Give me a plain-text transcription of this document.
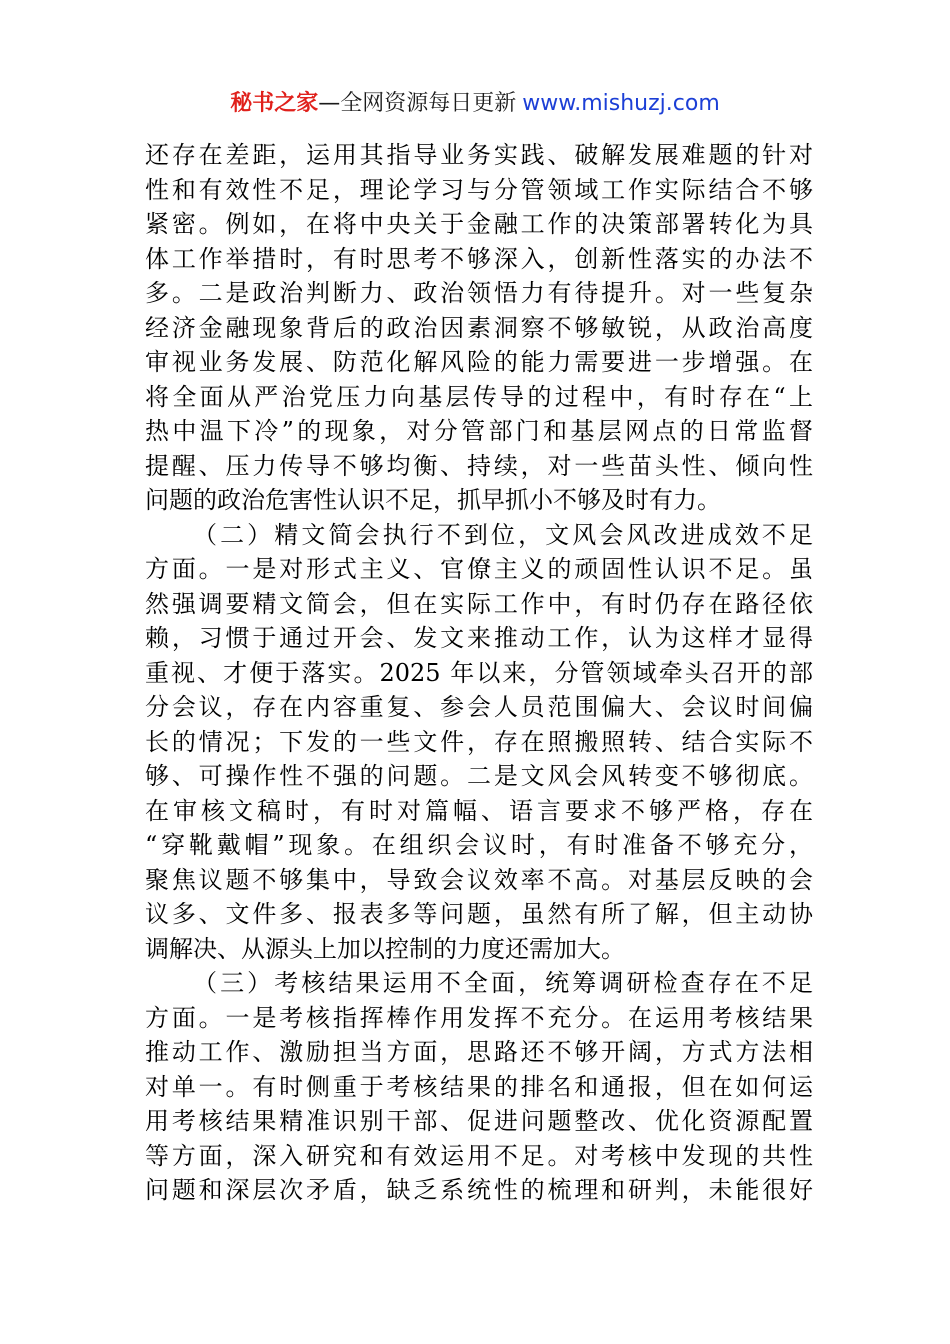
秘书之家—全网资源每日更新 www.mishuzj.com
还存在差距，运用其指导业务实践、破解发展难题的针对
性和有效性不足，理论学习与分管领域工作实际结合不够
紧密。例如，在将中央关于金融工作的决策部署转化为具
体工作举措时，有时思考不够深入，创新性落实的办法不
多。二是政治判断力、政治领悟力有待提升。对一些复杂
经济金融现象背后的政治因素洞察不够敏锐，从政治高度
审视业务发展、防范化解风险的能力需要进一步增强。在
将全面从严治党压力向基层传导的过程中，有时存在“上
热中温下冷”的现象，对分管部门和基层网点的日常监督
提醒、压力传导不够均衡、持续，对一些苗头性、倾向性
问题的政治危害性认识不足，抓早抓小不够及时有力。
（二）精文简会执行不到位，文风会风改进成效不足
方面。一是对形式主义、官僚主义的顽固性认识不足。虽
然强调要精文简会，但在实际工作中，有时仍存在路径依
赖，习惯于通过开会、发文来推动工作，认为这样才显得
重视、才便于落实。2025 年以来，分管领域牵头召开的部
分会议，存在内容重复、参会人员范围偏大、会议时间偏
长的情况；下发的一些文件，存在照搬照转、结合实际不
够、可操作性不强的问题。二是文风会风转变不够彻底。
在审核文稿时，有时对篇幅、语言要求不够严格，存在
“穿靴戴帽”现象。在组织会议时，有时准备不够充分，
聚焦议题不够集中，导致会议效率不高。对基层反映的会
议多、文件多、报表多等问题，虽然有所了解，但主动协
调解决、从源头上加以控制的力度还需加大。
（三）考核结果运用不全面，统筹调研检查存在不足
方面。一是考核指挥棒作用发挥不充分。在运用考核结果
推动工作、激励担当方面，思路还不够开阔，方式方法相
对单一。有时侧重于考核结果的排名和通报，但在如何运
用考核结果精准识别干部、促进问题整改、优化资源配置
等方面，深入研究和有效运用不足。对考核中发现的共性
问题和深层次矛盾，缺乏系统性的梳理和研判，未能很好
